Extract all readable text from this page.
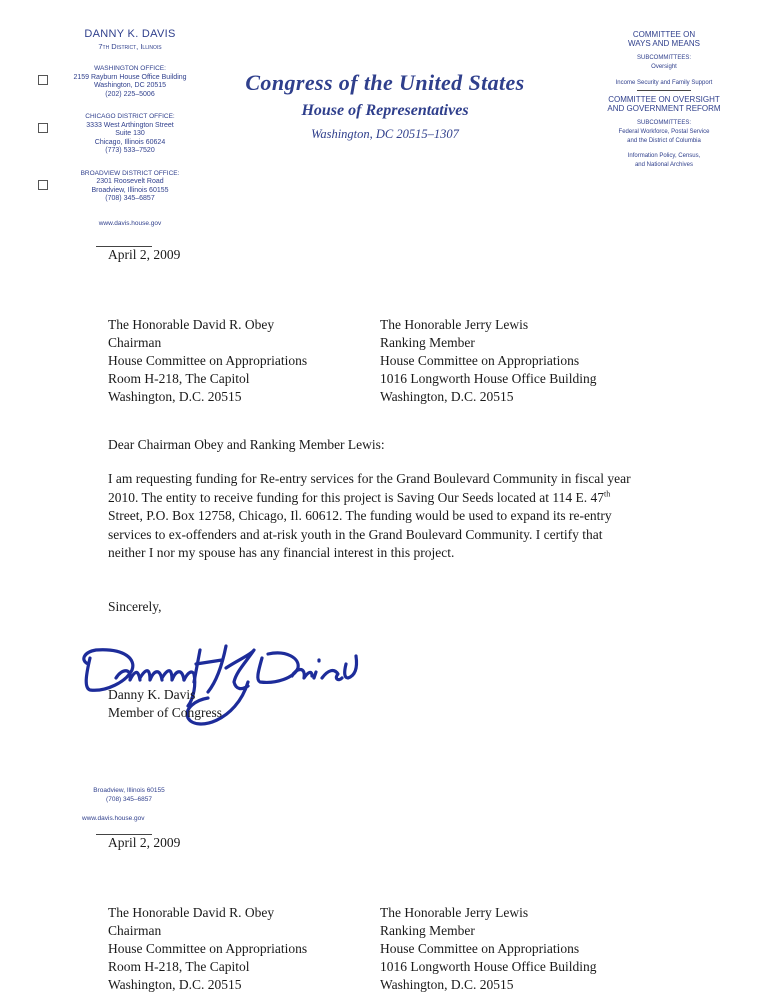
DANNY K. DAVIS
7th District, Illinois
WASHINGTON OFFICE:
2159 Rayburn House Office Building
Washington, DC 20515
(202) 225–5006
CHICAGO DISTRICT OFFICE:
3333 West Arthington Street
Suite 130
Chicago, Illinois 60624
(773) 533–7520
BROADVIEW DISTRICT OFFICE:
2301 Roosevelt Road
Broadview, Illinois 60155
(708) 345–6857
www.davis.house.gov
Congress of the United States
House of Representatives
Washington, DC 20515–1307
COMMITTEE ON
WAYS AND MEANS
SUBCOMMITTEES:
Oversight
Income Security and Family Support
COMMITTEE ON OVERSIGHT
AND GOVERNMENT REFORM
SUBCOMMITTEES:
Federal Workforce, Postal Service
and the District of Columbia
Information Policy, Census,
and National Archives
April 2, 2009
The Honorable David R. Obey
Chairman
House Committee on Appropriations
Room H-218, The Capitol
Washington, D.C. 20515
The Honorable Jerry Lewis
Ranking Member
House Committee on Appropriations
1016 Longworth House Office Building
Washington, D.C. 20515
Dear Chairman Obey and Ranking Member Lewis:
I am requesting funding for Re-entry services for the Grand Boulevard Community in fiscal year 2010. The entity to receive funding for this project is Saving Our Seeds located at 114 E. 47th Street, P.O. Box 12758, Chicago, Il. 60612. The funding would be used to expand its re-entry services to ex-offenders and at-risk youth in the Grand Boulevard Community. I certify that neither I nor my spouse has any financial interest in this project.
Sincerely,
Danny K. Davis
Member of Congress
Broadview, Illinois 60155
(708) 345–6857
www.davis.house.gov
April 2, 2009
The Honorable David R. Obey
Chairman
House Committee on Appropriations
Room H-218, The Capitol
Washington, D.C. 20515
The Honorable Jerry Lewis
Ranking Member
House Committee on Appropriations
1016 Longworth House Office Building
Washington, D.C. 20515
